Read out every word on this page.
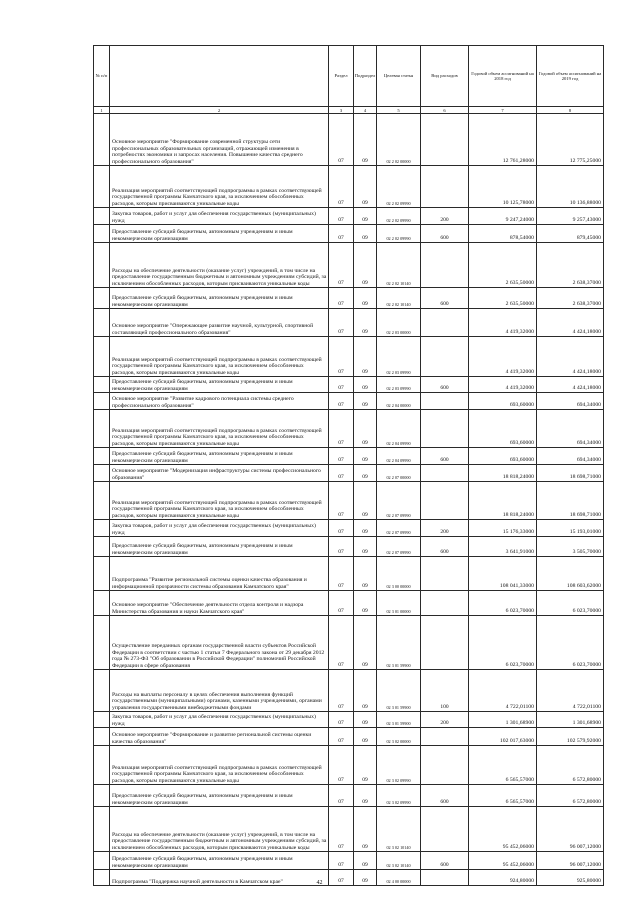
№ п/п		Раздел	Подраздел	Целевая статья	Вид расходов	Годовой объем ассигнований на 2018 год	Годовой объем ассигнований на 2019 год
1	2	3	4	5	6	7	8
	Основное мероприятие "Формирование современной структуры сети профессиональных образовательных организаций, отражающей изменения в потребностях экономики и запросах населения. Повышение качества среднего профессионального образования"	07	09	02 2 02 00000		12 761,28000	12 775,25000
	Реализация мероприятий соответствующей подпрограммы в рамках соответствующей государственной программы Камчатского края, за исключением обособленных расходов, которым присваиваются уникальные коды	07	09	02 2 02 09990		10 125,78000	10 136,88000
	Закупка товаров, работ и услуг для обеспечения государственных (муниципальных) нужд	07	09	02 2 02 09990	200	9 247,24000	9 257,43000
	Предоставление субсидий бюджетным, автономным учреждениям и иным некоммерческим организациям	07	09	02 2 02 09990	600	878,54000	879,45000
	Расходы на обеспечение деятельности (оказание услуг) учреждений, в том числе на предоставление государственным бюджетным и автономным учреждениям субсидий, за исключением обособленных расходов, которым присваиваются уникальные коды	07	09	02 2 02 10140		2 635,50000	2 638,37000
	Предоставление субсидий бюджетным, автономным учреждениям и иным некоммерческим организациям	07	09	02 2 02 10140	600	2 635,50000	2 638,37000
	Основное мероприятие "Опережающее развитие научной, культурной, спортивной составляющей профессионального образования"	07	09	02 2 03 00000		4 419,32000	4 424,18000
	Реализация мероприятий соответствующей подпрограммы в рамках соответствующей государственной программы Камчатского края, за исключением обособленных расходов, которым присваиваются уникальные коды	07	09	02 2 03 09990		4 419,32000	4 424,18000
	Предоставление субсидий бюджетным, автономным учреждениям и иным некоммерческим организациям	07	09	02 2 03 09990	600	4 419,32000	4 424,18000
	Основное мероприятие "Развитие кадрового потенциала системы среднего профессионального образования"	07	09	02 2 04 00000		693,60000	694,34000
	Реализация мероприятий соответствующей подпрограммы в рамках соответствующей государственной программы Камчатского края, за исключением обособленных расходов, которым присваиваются уникальные коды	07	09	02 2 04 09990		693,60000	694,34000
	Предоставление субсидий бюджетным, автономным учреждениям и иным некоммерческим организациям	07	09	02 2 04 09990	600	693,60000	694,34000
	Основное мероприятие "Модернизация инфраструктуры системы профессионального образования"	07	09	02 2 07 00000		18 818,24000	18 698,71000
	Реализация мероприятий соответствующей подпрограммы в рамках соответствующей государственной программы Камчатского края, за исключением обособленных расходов, которым присваиваются уникальные коды	07	09	02 2 07 09990		18 818,24000	18 698,71000
	Закупка товаров, работ и услуг для обеспечения государственных (муниципальных) нужд	07	09	02 2 07 09990	200	15 176,33000	15 193,01000
	Предоставление субсидий бюджетным, автономным учреждениям и иным некоммерческим организациям	07	09	02 2 07 09990	600	3 641,91000	3 505,70000
	Подпрограмма "Развитие региональной системы оценки качества образования и информационной прозрачности системы образования Камчатского края"	07	09	02 3 00 00000		108 041,33000	108 603,62000
	Основное мероприятие "Обеспечение деятельности отдела контроля и надзора Министерства образования и науки Камчатского края"	07	09	02 3 01 00000		6 023,70000	6 023,70000
	Осуществление переданных органам государственной власти субъектов Российской Федерации в соответствии с частью 1 статьи 7 Федерального закона от 29 декабря 2012 года № 273-ФЗ "Об образовании в Российской Федерации" полномочий Российской Федерации в сфере образования	07	09	02 3 01 59900		6 023,70000	6 023,70000
	Расходы на выплаты персоналу в целях обеспечения выполнения функций государственными (муниципальными) органами, казенными учреждениями, органами управления государственными внебюджетными фондами	07	09	02 3 01 59900	100	4 722,01100	4 722,01100
	Закупка товаров, работ и услуг для обеспечения государственных (муниципальных) нужд	07	09	02 3 01 59900	200	1 301,68900	1 301,68900
	Основное мероприятие "Формирование и развитие региональной системы оценки качества образования"	07	09	02 3 02 00000		102 017,63000	102 579,92000
	Реализация мероприятий соответствующей подпрограммы в рамках соответствующей государственной программы Камчатского края, за исключением обособленных расходов, которым присваиваются уникальные коды	07	09	02 3 02 09990		6 565,57000	6 572,80000
	Предоставление субсидий бюджетным, автономным учреждениям и иным некоммерческим организациям	07	09	02 3 02 09990	600	6 565,57000	6 572,80000
	Расходы на обеспечение деятельности (оказание услуг) учреждений, в том числе на предоставление государственным бюджетным и автономным учреждениям субсидий, за исключением обособленных расходов, которым присваиваются уникальные коды	07	09	02 3 02 10140		95 452,06000	96 007,12000
	Предоставление субсидий бюджетным, автономным учреждениям и иным некоммерческим организациям	07	09	02 3 02 10140	600	95 452,06000	96 007,12000
	Подпрограмма "Поддержка научной деятельности в Камчатском крае"	07	09	02 4 00 00000		924,80000	925,80000
42
